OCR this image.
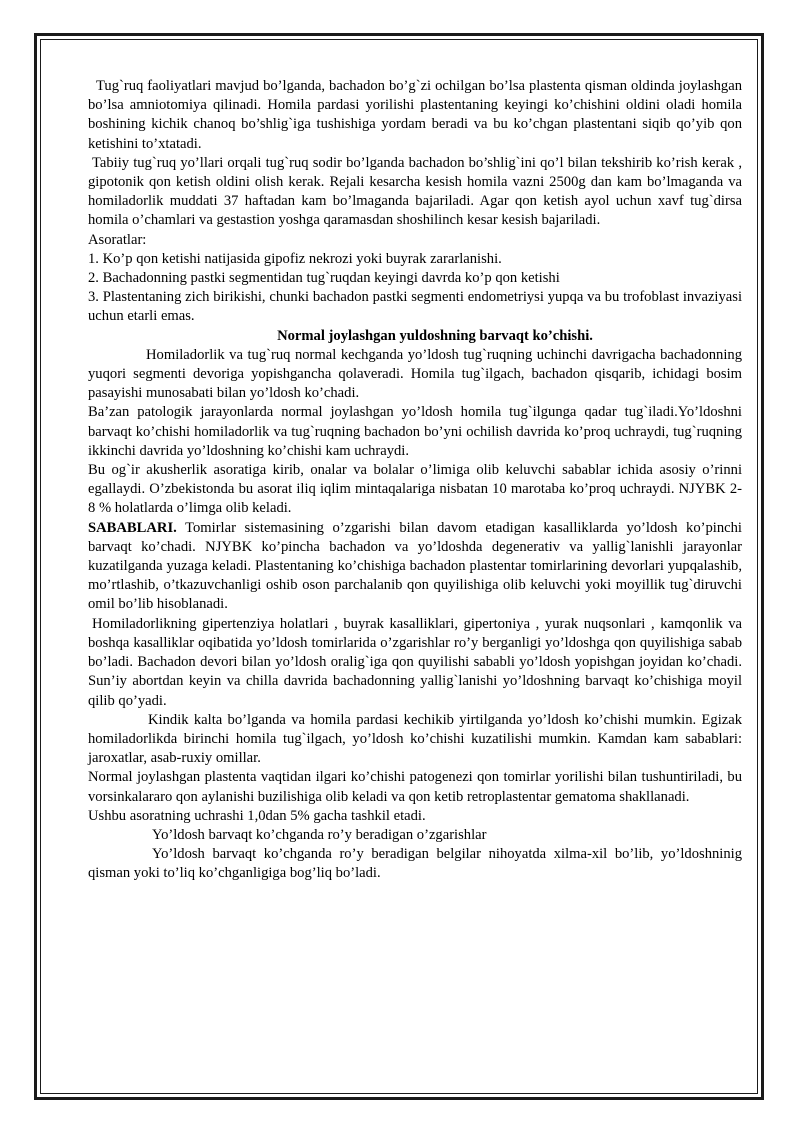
Tug`ruq faoliyatlari mavjud bo’lganda, bachadon bo’g`zi ochilgan bo’lsa plastenta qisman oldinda joylashgan bo’lsa amniotomiya qilinadi. Homila pardasi yorilishi plastentaning keyingi ko’chishini oldini oladi homila boshining kichik chanoq bo’shlig`iga tushishiga yordam beradi va bu ko’chgan plastentani siqib qo’yib qon ketishini to’xtatadi.

Tabiiy tug`ruq yo’llari orqali tug`ruq sodir bo’lganda bachadon bo’shlig`ini qo’l bilan tekshirib ko’rish kerak , gipotonik qon ketish oldini olish kerak. Rejali kesarcha kesish homila vazni 2500g dan kam bo’lmaganda va homiladorlik muddati 37 haftadan kam bo’lmaganda bajariladi. Agar qon ketish ayol uchun xavf tug`dirsa homila o’chamlari va gestastion yoshga qaramasdan shoshilinch kesar kesish bajariladi.

Asoratlar:

1. Ko’p qon ketishi natijasida gipofiz nekrozi yoki buyrak zararlanishi.

2. Bachadonning pastki segmentidan tug`ruqdan keyingi davrda ko’p qon ketishi

3. Plastentaning zich birikishi, chunki bachadon pastki segmenti endometriysi yupqa va bu trofoblast invaziyasi uchun etarli emas.

Normal joylashgan yuldoshning barvaqt ko’chishi.

Homiladorlik va tug`ruq normal kechganda yo’ldosh tug`ruqning uchinchi davrigacha bachadonning yuqori segmenti devoriga yopishgancha qolaveradi. Homila tug`ilgach, bachadon qisqarib, ichidagi bosim pasayishi munosabati bilan yo’ldosh ko’chadi.

Ba’zan patologik jarayonlarda normal joylashgan yo’ldosh homila tug`ilgunga qadar tug`iladi.Yo’ldoshni barvaqt ko’chishi homiladorlik va tug`ruqning bachadon bo’yni ochilish davrida ko’proq uchraydi, tug`ruqning ikkinchi davrida yo’ldoshning ko’chishi kam uchraydi.

Bu og`ir akusherlik asoratiga kirib, onalar va bolalar o’limiga olib keluvchi sabablar ichida asosiy o’rinni egallaydi. O’zbekistonda bu asorat iliq iqlim mintaqalariga nisbatan 10 marotaba ko’proq uchraydi. NJYBK 2-8 % holatlarda o’limga olib keladi.

SABABLARI. Tomirlar sistemasining o’zgarishi bilan davom etadigan kasalliklarda yo’ldosh ko’pinchi barvaqt ko’chadi. NJYBK ko’pincha bachadon va yo’ldoshda degenerativ va yallig`lanishli jarayonlar kuzatilganda yuzaga keladi. Plastentaning ko’chishiga bachadon plastentar tomirlarining devorlari yupqalashib, mo’rtlashib, o’tkazuvchanligi oshib oson parchalanib qon quyilishiga olib keluvchi yoki moyillik tug`diruvchi omil bo’lib hisoblanadi.

Homiladorlikning gipertenziya holatlari , buyrak kasalliklari, gipertoniya , yurak nuqsonlari , kamqonlik va boshqa kasalliklar oqibatida yo’ldosh tomirlarida o’zgarishlar ro’y berganligi yo’ldoshga qon quyilishiga sabab bo’ladi. Bachadon devori bilan yo’ldosh oralig`iga qon quyilishi sababli yo’ldosh yopishgan joyidan ko’chadi. Sun’iy abortdan keyin va chilla davrida bachadonning yallig`lanishi yo’ldoshning barvaqt ko’chishiga moyil qilib qo’yadi.

Kindik kalta bo’lganda va homila pardasi kechikib yirtilganda yo’ldosh ko’chishi mumkin. Egizak homiladorlikda birinchi homila tug`ilgach, yo’ldosh ko’chishi kuzatilishi mumkin. Kamdan kam sabablari: jaroxatlar, asab-ruxiy omillar.

Normal joylashgan plastenta vaqtidan ilgari ko’chishi patogenezi qon tomirlar yorilishi bilan tushuntiriladi, bu vorsinkalararo qon aylanishi buzilishiga olib keladi va qon ketib retroplastentar gematoma shakllanadi.

Ushbu asoratning uchrashi 1,0dan 5% gacha tashkil etadi.

Yo’ldosh barvaqt ko’chganda ro’y beradigan o’zgarishlar

Yo’ldosh barvaqt ko’chganda ro’y beradigan belgilar nihoyatda xilma-xil bo’lib, yo’ldoshninig qisman yoki to’liq ko’chganligiga bog’liq bo’ladi.
